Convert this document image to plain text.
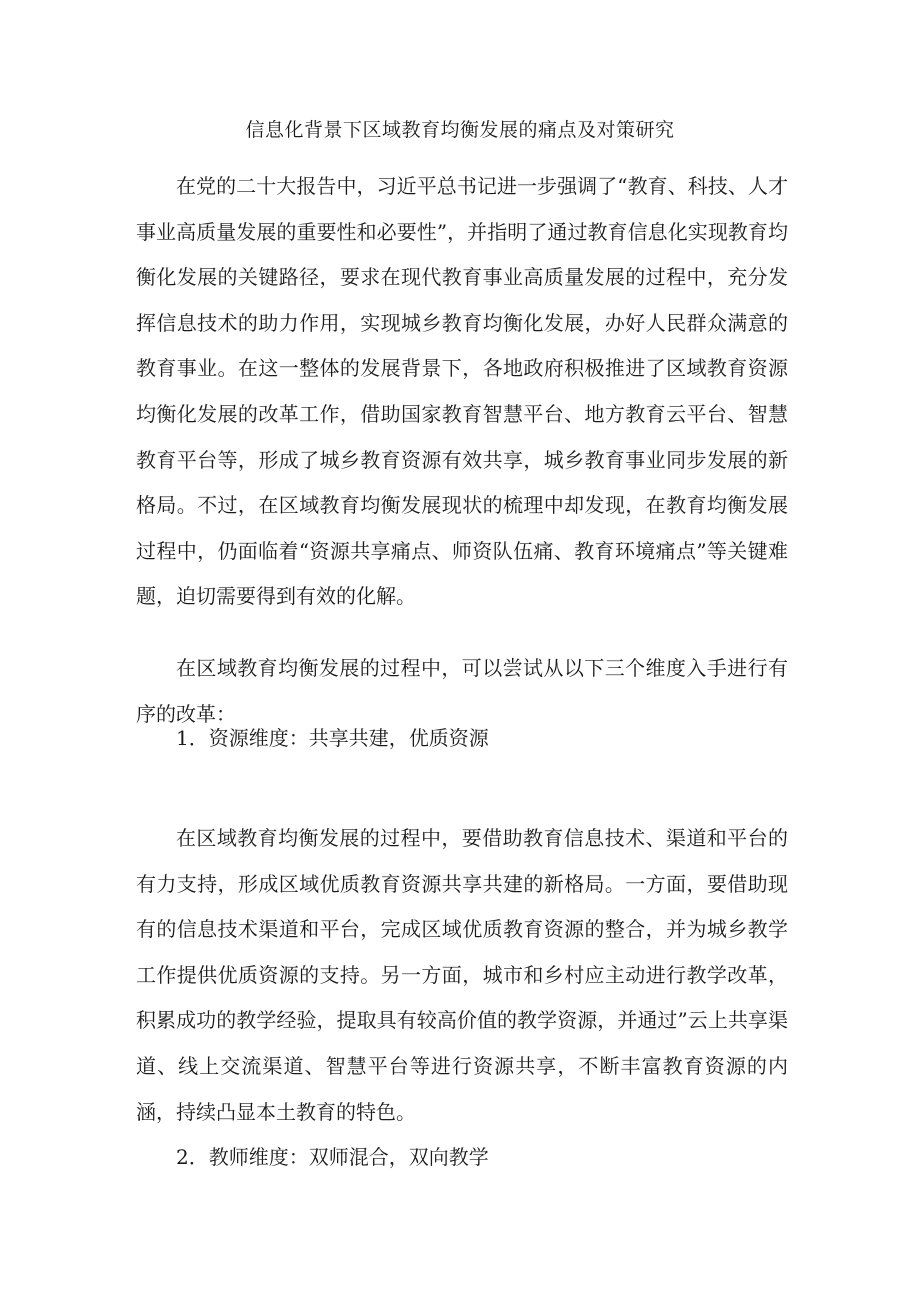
信息化背景下区域教育均衡发展的痛点及对策研究

在党的二十大报告中，习近平总书记进一步强调了“教育、科技、人才事业高质量发展的重要性和必要性”，并指明了通过教育信息化实现教育均衡化发展的关键路径，要求在现代教育事业高质量发展的过程中，充分发挥信息技术的助力作用，实现城乡教育均衡化发展，办好人民群众满意的教育事业。在这一整体的发展背景下，各地政府积极推进了区域教育资源均衡化发展的改革工作，借助国家教育智慧平台、地方教育云平台、智慧教育平台等，形成了城乡教育资源有效共享，城乡教育事业同步发展的新格局。不过，在区域教育均衡发展现状的梳理中却发现，在教育均衡发展过程中，仍面临着“资源共享痛点、师资队伍痛、教育环境痛点”等关键难题，迫切需要得到有效的化解。

在区域教育均衡发展的过程中，可以尝试从以下三个维度入手进行有序的改革：

1．资源维度：共享共建，优质资源

在区域教育均衡发展的过程中，要借助教育信息技术、渠道和平台的有力支持，形成区域优质教育资源共享共建的新格局。一方面，要借助现有的信息技术渠道和平台，完成区域优质教育资源的整合，并为城乡教学工作提供优质资源的支持。另一方面，城市和乡村应主动进行教学改革，积累成功的教学经验，提取具有较高价值的教学资源，并通过”云上共享渠道、线上交流渠道、智慧平台等进行资源共享，不断丰富教育资源的内涵，持续凸显本土教育的特色。

2．教师维度：双师混合，双向教学
